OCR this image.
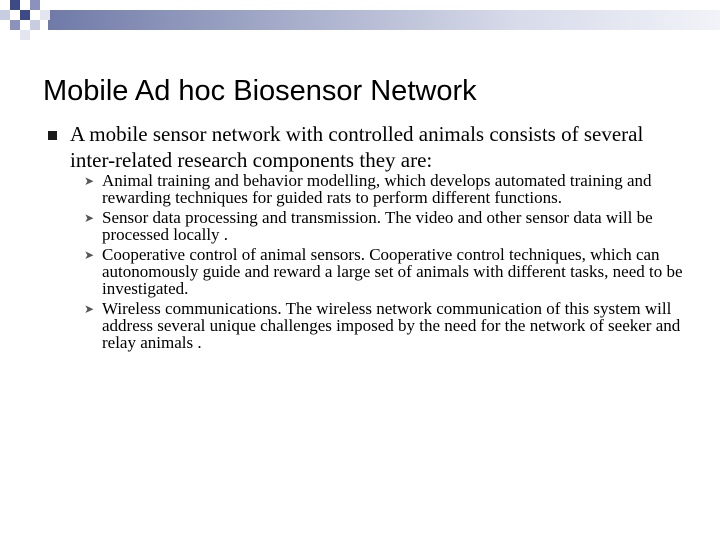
Mobile Ad hoc Biosensor Network

A mobile sensor network with controlled animals consists of several inter-related research components they are:

➤ Animal training and behavior modelling, which develops automated training and rewarding techniques for guided rats to perform different functions.
➤ Sensor data processing and transmission. The video and other sensor data will be processed locally .
➤ Cooperative control of animal sensors. Cooperative control techniques, which can autonomously guide and reward a large set of animals with different tasks, need to be investigated.
➤ Wireless communications. The wireless network communication of this system will address several unique challenges imposed by the need for the network of seeker and relay animals .
